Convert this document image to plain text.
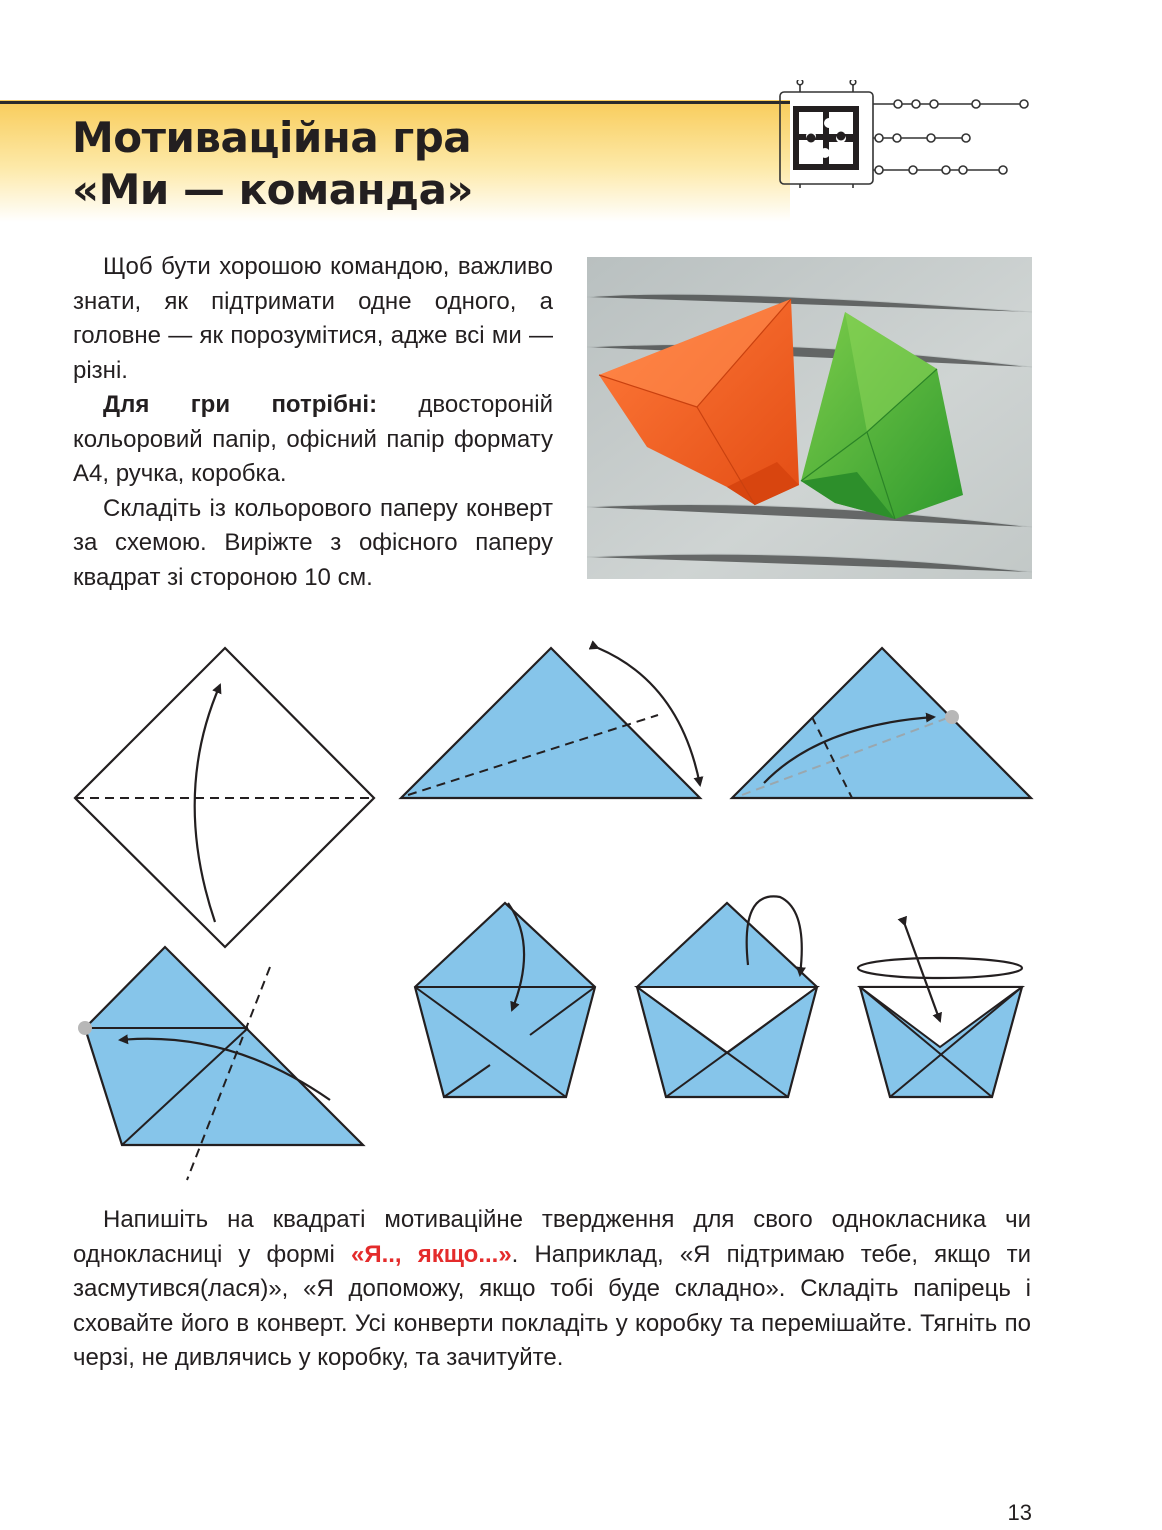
Мотиваційна гра
«Ми — команда»

Щоб бути хорошою командою, важливо знати, як підтримати одне одного, а головне — як порозумітися, адже всі ми — різні.

Для гри потрібні: двостороній кольоровий папір, офісний папір формату А4, ручка, коробка.

Складіть із кольорового паперу конверт за схемою. Виріжте з офісного паперу квадрат зі стороною 10 см.

Напишіть на квадраті мотиваційне твердження для свого однокласника чи однокласниці у формі «Я.., якщо...». Наприклад, «Я підтримаю тебе, якщо ти засмутився(лася)», «Я допоможу, якщо тобі буде складно». Складіть папірець і сховайте його в конверт. Усі конверти покладіть у коробку та перемішайте. Тягніть по черзі, не дивлячись у коробку, та зачитуйте.

13
